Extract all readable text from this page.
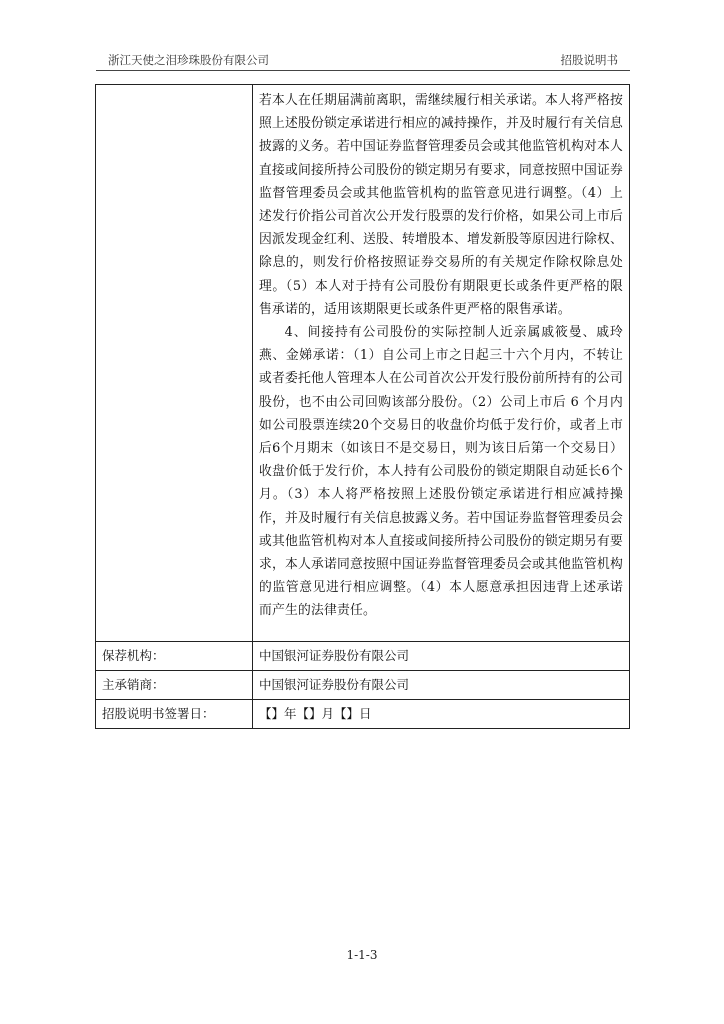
浙江天使之泪珍珠股份有限公司	招股说明书

	若本人在任期届满前离职，需继续履行相关承诺。本人将严格按照上述股份锁定承诺进行相应的减持操作，并及时履行有关信息披露的义务。若中国证券监督管理委员会或其他监管机构对本人直接或间接所持公司股份的锁定期另有要求，同意按照中国证券监督管理委员会或其他监管机构的监管意见进行调整。（4）上述发行价指公司首次公开发行股票的发行价格，如果公司上市后因派发现金红利、送股、转增股本、增发新股等原因进行除权、除息的，则发行价格按照证券交易所的有关规定作除权除息处理。（5）本人对于持有公司股份有期限更长或条件更严格的限售承诺的，适用该期限更长或条件更严格的限售承诺。

4、间接持有公司股份的实际控制人近亲属戚筱曼、戚玲燕、金娣承诺：（1）自公司上市之日起三十六个月内，不转让或者委托他人管理本人在公司首次公开发行股份前所持有的公司股份，也不由公司回购该部分股份。（2）公司上市后 6 个月内如公司股票连续20个交易日的收盘价均低于发行价，或者上市后6个月期末（如该日不是交易日，则为该日后第一个交易日）收盘价低于发行价，本人持有公司股份的锁定期限自动延长6个月。（3）本人将严格按照上述股份锁定承诺进行相应减持操作，并及时履行有关信息披露义务。若中国证券监督管理委员会或其他监管机构对本人直接或间接所持公司股份的锁定期另有要求，本人承诺同意按照中国证券监督管理委员会或其他监管机构的监管意见进行相应调整。（4）本人愿意承担因违背上述承诺而产生的法律责任。

保荐机构：	中国银河证券股份有限公司
主承销商：	中国银河证券股份有限公司
招股说明书签署日：	【】年【】月【】日
1-1-3
